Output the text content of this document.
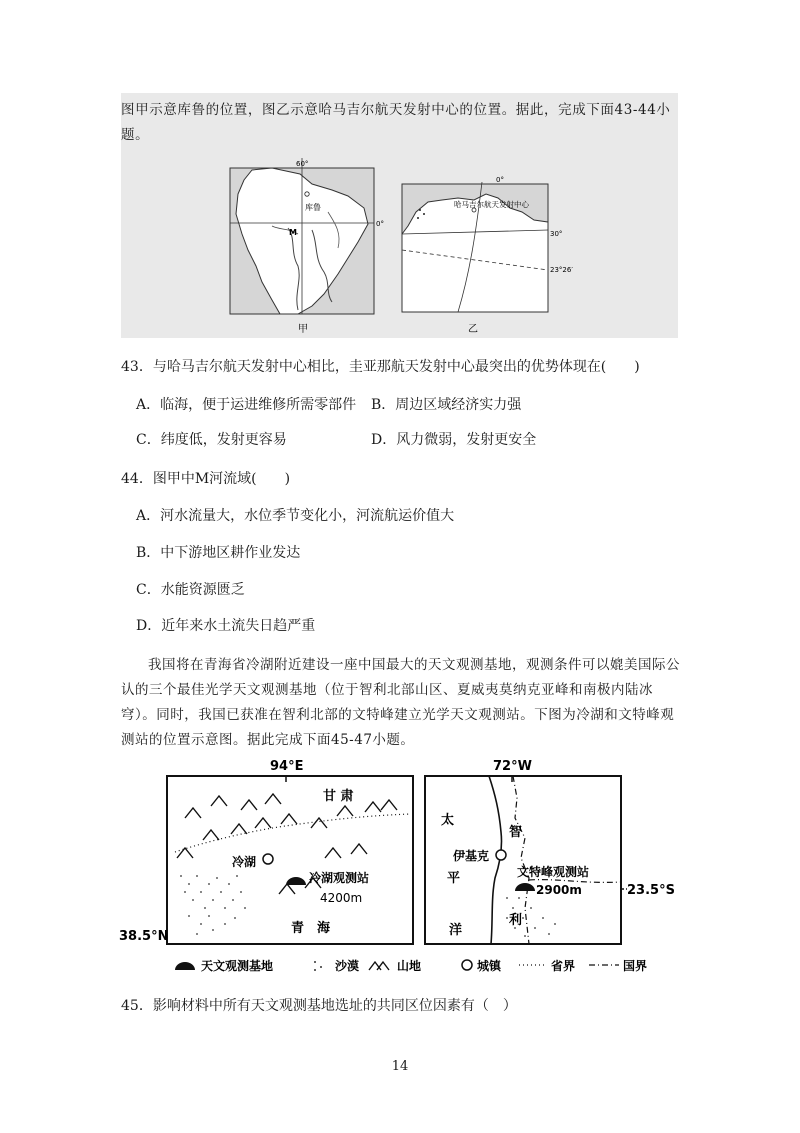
图甲示意库鲁的位置，图乙示意哈马吉尔航天发射中心的位置。据此，完成下面43-44小题。
60°
0°
库鲁
M
甲
0°
哈马吉尔航天发射中心
30°
23°26′
乙
43．与哈马吉尔航天发射中心相比，圭亚那航天发射中心最突出的优势体现在(　　)
A．临海，便于运进维修所需零部件 B．周边区域经济实力强
C．纬度低，发射更容易	D．风力微弱，发射更安全
44．图甲中M河流域(　　)
A．河水流量大，水位季节变化小，河流航运价值大
B．中下游地区耕作业发达
C．水能资源匮乏
D．近年来水土流失日趋严重
我国将在青海省冷湖附近建设一座中国最大的天文观测基地，观测条件可以媲美国际公认的三个最佳光学天文观测基地（位于智利北部山区、夏威夷莫纳克亚峰和南极内陆冰穹）。同时，我国已获准在智利北部的文特峰建立光学天文观测站。下图为冷湖和文特峰观测站的位置示意图。据此完成下面45-47小题。
94°E
38.5°N
甘 肃
冷湖
冷湖观测站
4200m
青　海
72°W
23.5°S
太
平
洋
智
利
伊基克
文特峰观测站
2900m
天文观测基地	沙漠	山地	城镇	省界	国界
45．影响材料中所有天文观测基地选址的共同区位因素有（　）
14
